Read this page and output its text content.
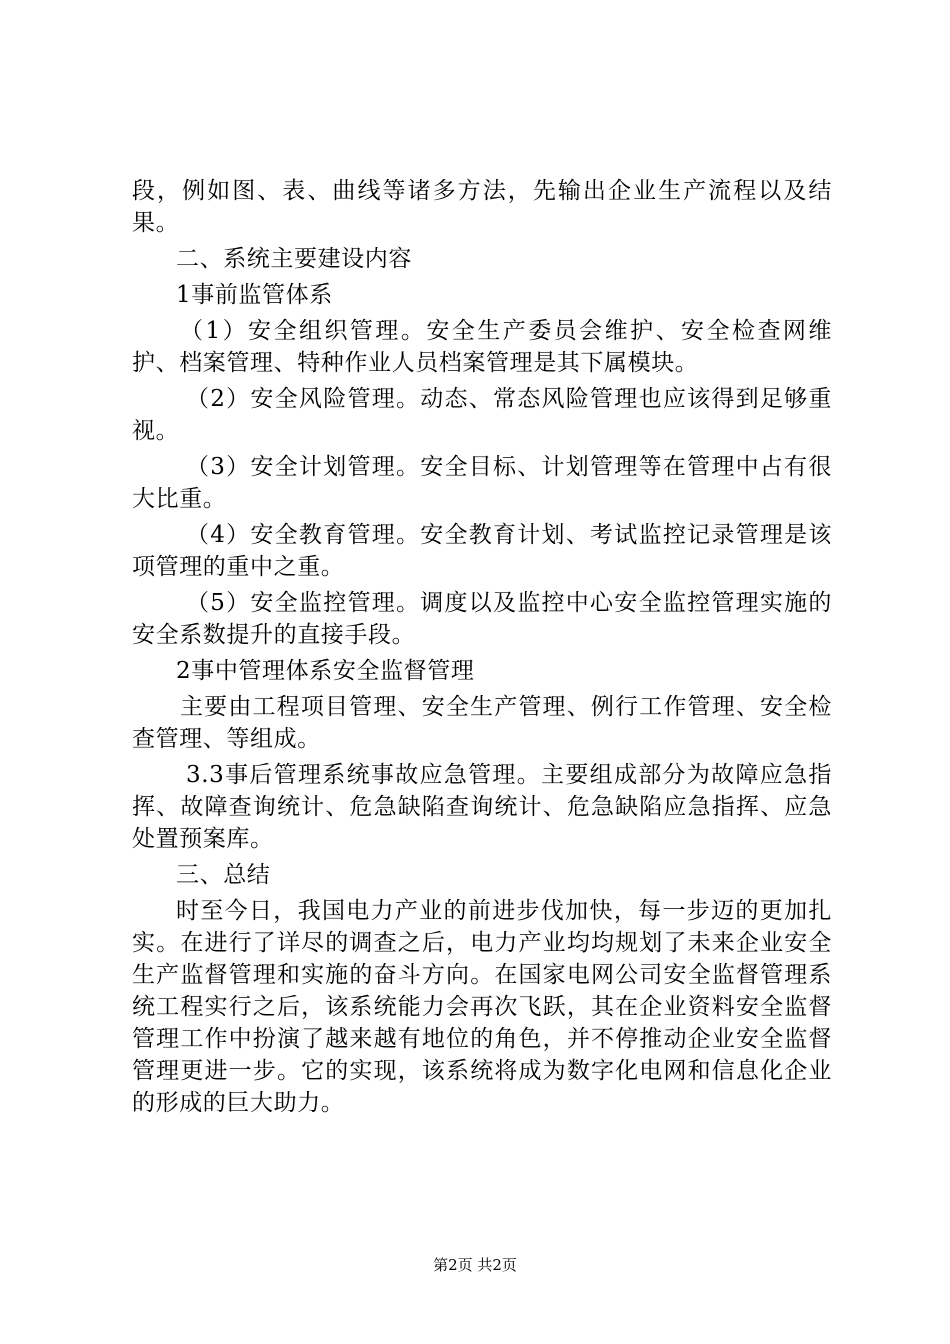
段，例如图、表、曲线等诸多方法，先输出企业生产流程以及结果。

二、系统主要建设内容

1事前监管体系

（1）安全组织管理。安全生产委员会维护、安全检查网维护、档案管理、特种作业人员档案管理是其下属模块。

（2）安全风险管理。动态、常态风险管理也应该得到足够重视。

（3）安全计划管理。安全目标、计划管理等在管理中占有很大比重。

（4）安全教育管理。安全教育计划、考试监控记录管理是该项管理的重中之重。

（5）安全监控管理。调度以及监控中心安全监控管理实施的安全系数提升的直接手段。

2事中管理体系安全监督管理

主要由工程项目管理、安全生产管理、例行工作管理、安全检查管理、等组成。

3.3事后管理系统事故应急管理。主要组成部分为故障应急指挥、故障查询统计、危急缺陷查询统计、危急缺陷应急指挥、应急处置预案库。

三、总结

时至今日，我国电力产业的前进步伐加快，每一步迈的更加扎实。在进行了详尽的调查之后，电力产业均均规划了未来企业安全生产监督管理和实施的奋斗方向。在国家电网公司安全监督管理系统工程实行之后，该系统能力会再次飞跃，其在企业资料安全监督管理工作中扮演了越来越有地位的角色，并不停推动企业安全监督管理更进一步。它的实现，该系统将成为数字化电网和信息化企业的形成的巨大助力。

第2页 共2页
